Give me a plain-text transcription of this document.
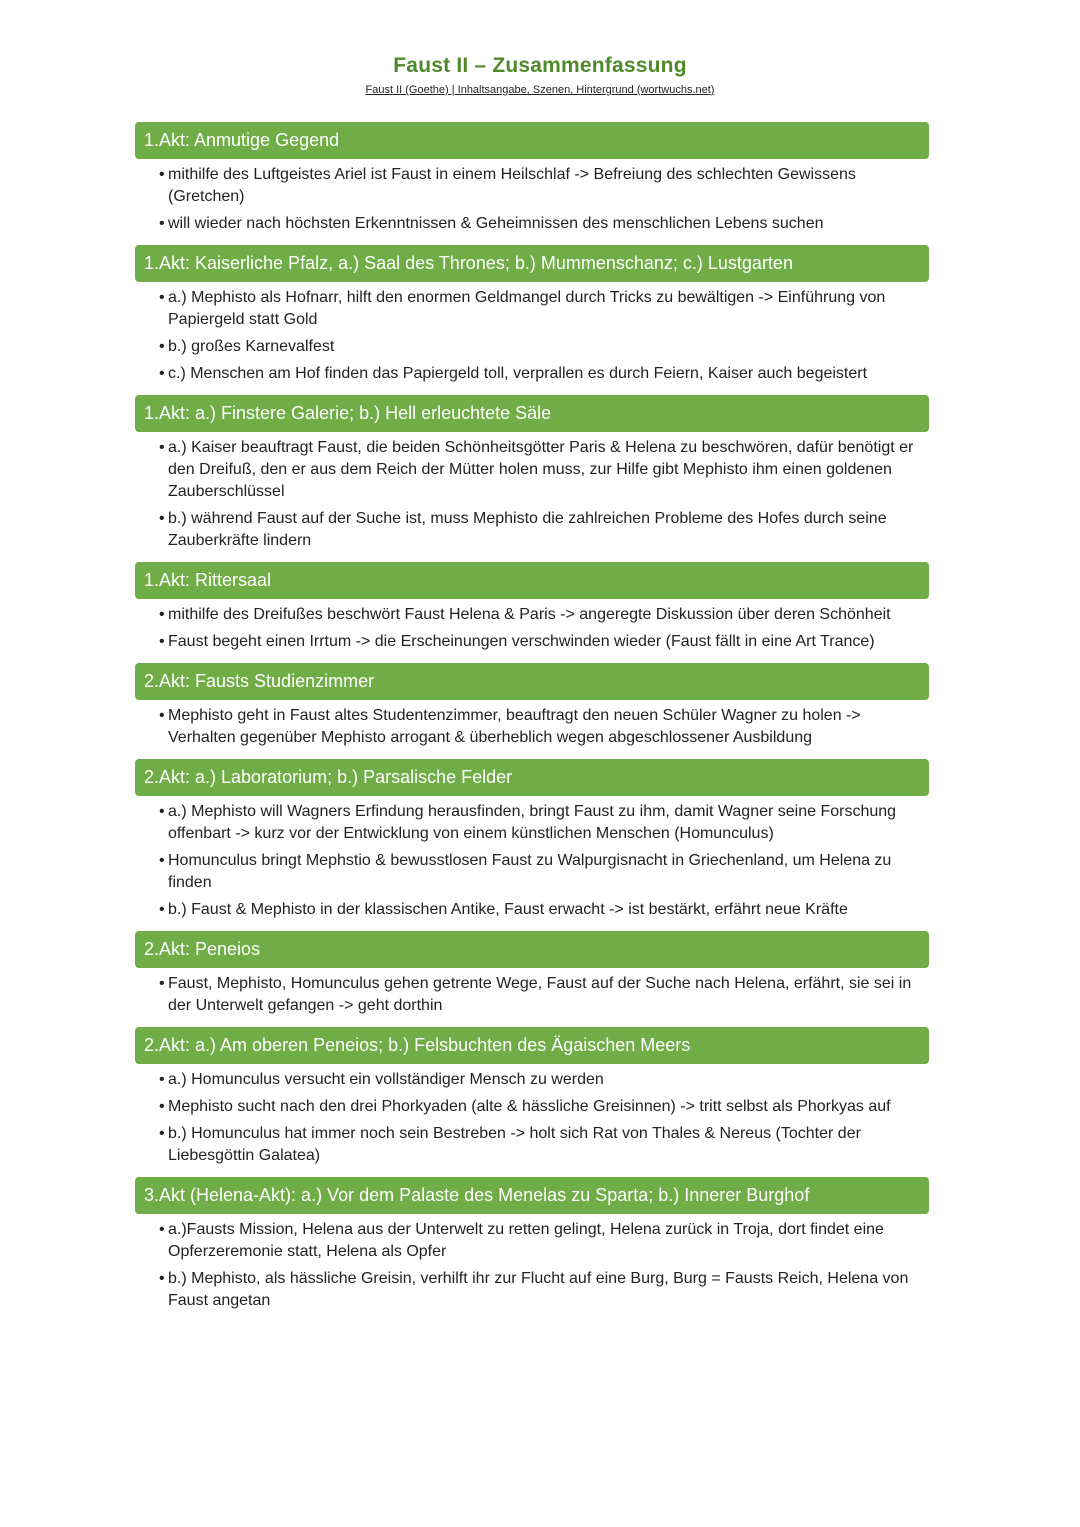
Faust II – Zusammenfassung
Faust II (Goethe) | Inhaltsangabe, Szenen, Hintergrund (wortwuchs.net)
1.Akt: Anmutige Gegend
• mithilfe des Luftgeistes Ariel ist Faust in einem Heilschlaf -> Befreiung des schlechten Gewissens (Gretchen)
• will wieder nach höchsten Erkenntnissen & Geheimnissen des menschlichen Lebens suchen
1.Akt: Kaiserliche Pfalz, a.) Saal des Thrones; b.) Mummenschanz; c.) Lustgarten
• a.) Mephisto als Hofnarr, hilft den enormen Geldmangel durch Tricks zu bewältigen -> Einführung von Papiergeld statt Gold
• b.) großes Karnevalfest
• c.) Menschen am Hof finden das Papiergeld toll, verprallen es durch Feiern, Kaiser auch begeistert
1.Akt: a.) Finstere Galerie; b.) Hell erleuchtete Säle
• a.) Kaiser beauftragt Faust, die beiden Schönheitsgötter Paris & Helena zu beschwören, dafür benötigt er den Dreifuß, den er aus dem Reich der Mütter holen muss, zur Hilfe gibt Mephisto ihm einen goldenen Zauberschlüssel
• b.) während Faust auf der Suche ist, muss Mephisto die zahlreichen Probleme des Hofes durch seine Zauberkräfte lindern
1.Akt: Rittersaal
• mithilfe des Dreifußes beschwört Faust Helena & Paris -> angeregte Diskussion über deren Schönheit
• Faust begeht einen Irrtum -> die Erscheinungen verschwinden wieder (Faust fällt in eine Art Trance)
2.Akt: Fausts Studienzimmer
• Mephisto geht in Faust altes Studentenzimmer, beauftragt den neuen Schüler Wagner zu holen -> Verhalten gegenüber Mephisto arrogant & überheblich wegen abgeschlossener Ausbildung
2.Akt: a.) Laboratorium; b.) Parsalische Felder
• a.) Mephisto will Wagners Erfindung herausfinden, bringt Faust zu ihm, damit Wagner seine Forschung offenbart -> kurz vor der Entwicklung von einem künstlichen Menschen (Homunculus)
• Homunculus bringt Mephstio & bewusstlosen Faust zu Walpurgisnacht in Griechenland, um Helena zu finden
• b.) Faust & Mephisto in der klassischen Antike, Faust erwacht -> ist bestärkt, erfährt neue Kräfte
2.Akt: Peneios
• Faust, Mephisto, Homunculus gehen getrente Wege, Faust auf der Suche nach Helena, erfährt, sie sei in der Unterwelt gefangen -> geht dorthin
2.Akt: a.) Am oberen Peneios; b.) Felsbuchten des Ägaischen Meers
• a.) Homunculus versucht ein vollständiger Mensch zu werden
• Mephisto sucht nach den drei Phorkyaden (alte & hässliche Greisinnen) -> tritt selbst als Phorkyas auf
• b.) Homunculus hat immer noch sein Bestreben -> holt sich Rat von Thales & Nereus (Tochter der Liebesgöttin Galatea)
3.Akt (Helena-Akt): a.) Vor dem Palaste des Menelas zu Sparta; b.) Innerer Burghof
• a.)Fausts Mission, Helena aus der Unterwelt zu retten gelingt, Helena zurück in Troja, dort findet eine Opferzeremonie statt, Helena als Opfer
• b.) Mephisto, als hässliche Greisin, verhilft ihr zur Flucht auf eine Burg, Burg = Fausts Reich, Helena von Faust angetan
